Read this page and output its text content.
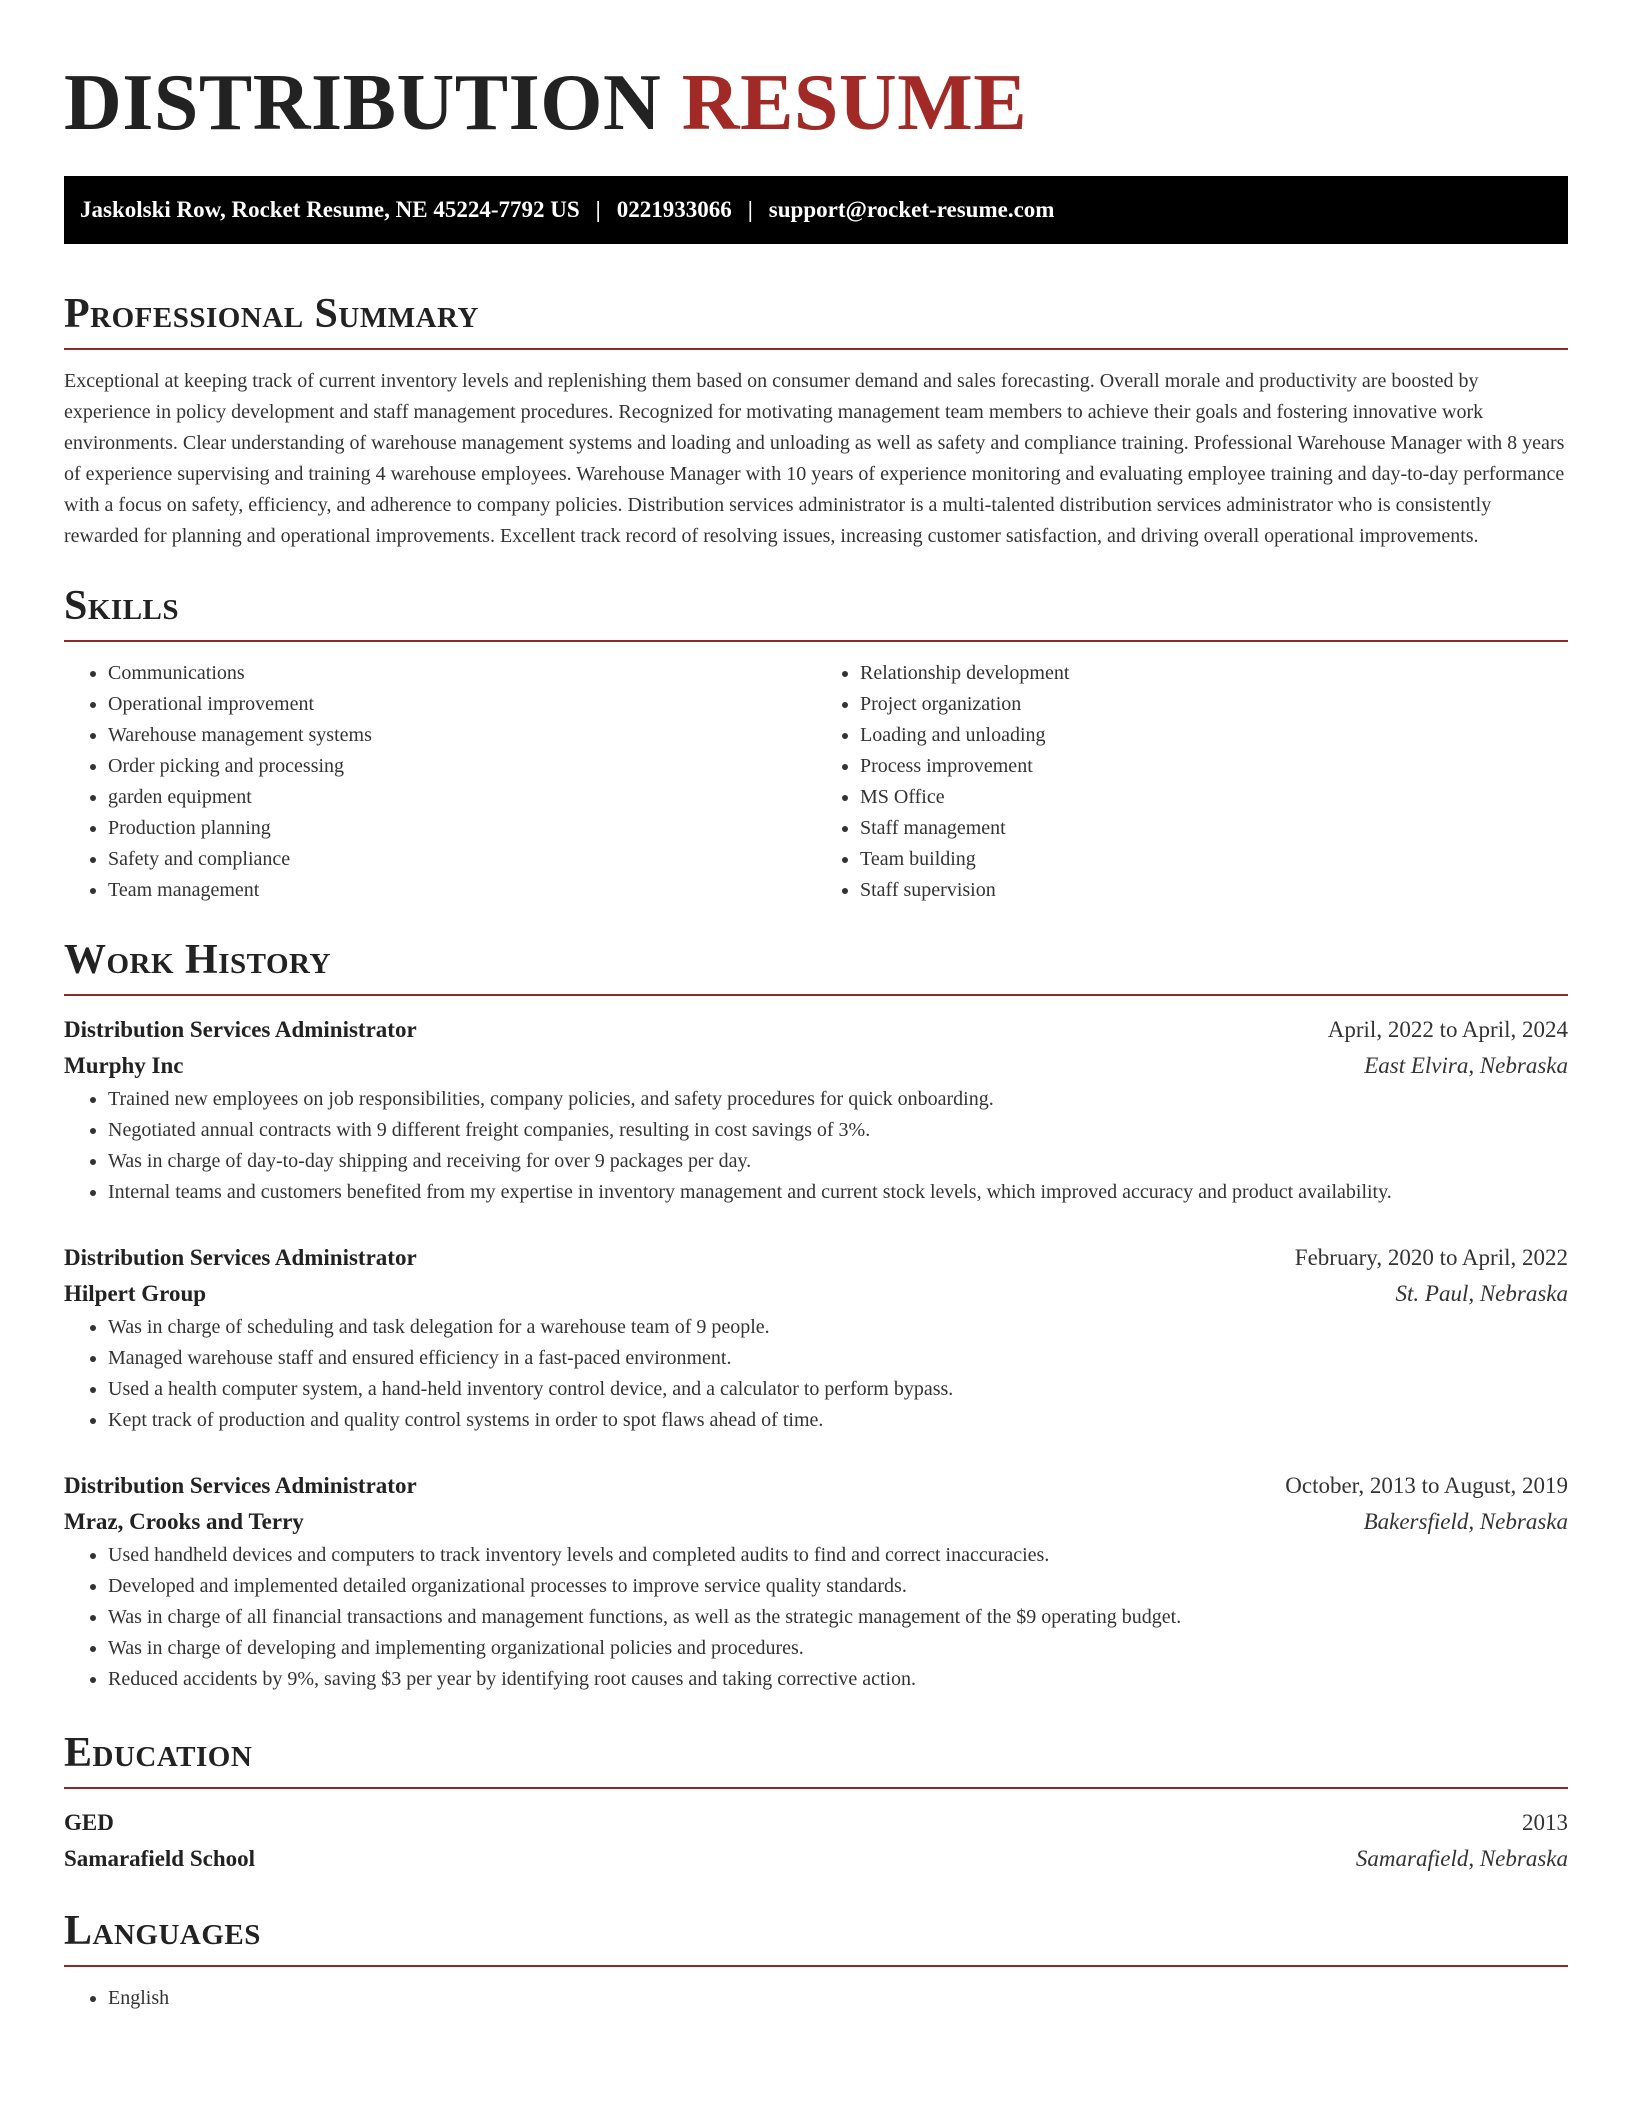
DISTRIBUTION RESUME
Jaskolski Row, Rocket Resume, NE 45224-7792 US | 0221933066 | support@rocket-resume.com
Professional Summary

Exceptional at keeping track of current inventory levels and replenishing them based on consumer demand and sales forecasting. Overall morale and productivity are boosted by experience in policy development and staff management procedures. Recognized for motivating management team members to achieve their goals and fostering innovative work environments. Clear understanding of warehouse management systems and loading and unloading as well as safety and compliance training. Professional Warehouse Manager with 8 years of experience supervising and training 4 warehouse employees. Warehouse Manager with 10 years of experience monitoring and evaluating employee training and day-to-day performance with a focus on safety, efficiency, and adherence to company policies. Distribution services administrator is a multi-talented distribution services administrator who is consistently rewarded for planning and operational improvements. Excellent track record of resolving issues, increasing customer satisfaction, and driving overall operational improvements.

Skills
• Communications
• Operational improvement
• Warehouse management systems
• Order picking and processing
• garden equipment
• Production planning
• Safety and compliance
• Team management
• Relationship development
• Project organization
• Loading and unloading
• Process improvement
• MS Office
• Staff management
• Team building
• Staff supervision
Work History
Distribution Services Administrator	April, 2022 to April, 2024
Murphy Inc	East Elvira, Nebraska
• Trained new employees on job responsibilities, company policies, and safety procedures for quick onboarding.
• Negotiated annual contracts with 9 different freight companies, resulting in cost savings of 3%.
• Was in charge of day-to-day shipping and receiving for over 9 packages per day.
• Internal teams and customers benefited from my expertise in inventory management and current stock levels, which improved accuracy and product availability.
Distribution Services Administrator	February, 2020 to April, 2022
Hilpert Group	St. Paul, Nebraska
• Was in charge of scheduling and task delegation for a warehouse team of 9 people.
• Managed warehouse staff and ensured efficiency in a fast-paced environment.
• Used a health computer system, a hand-held inventory control device, and a calculator to perform bypass.
• Kept track of production and quality control systems in order to spot flaws ahead of time.
Distribution Services Administrator	October, 2013 to August, 2019
Mraz, Crooks and Terry	Bakersfield, Nebraska
• Used handheld devices and computers to track inventory levels and completed audits to find and correct inaccuracies.
• Developed and implemented detailed organizational processes to improve service quality standards.
• Was in charge of all financial transactions and management functions, as well as the strategic management of the $9 operating budget.
• Was in charge of developing and implementing organizational policies and procedures.
• Reduced accidents by 9%, saving $3 per year by identifying root causes and taking corrective action.
Education
GED	2013
Samarafield School	Samarafield, Nebraska
Languages
• English
